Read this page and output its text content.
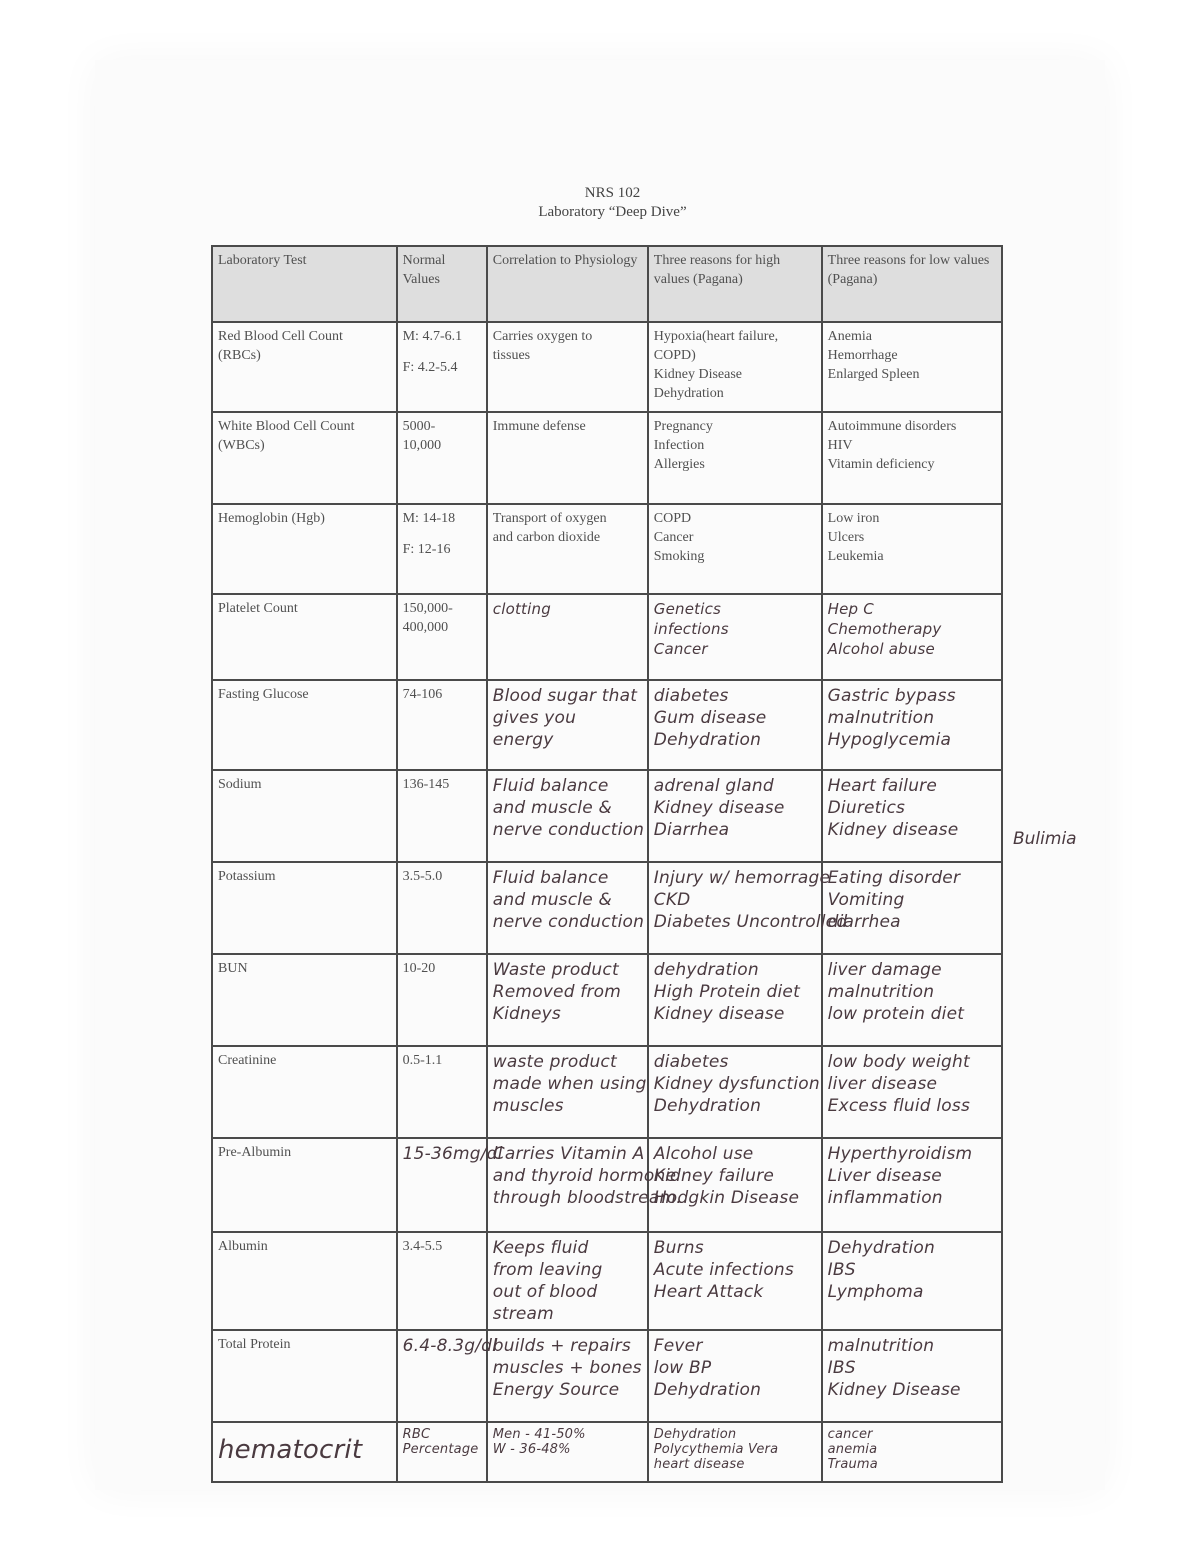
NRS 102
Laboratory “Deep Dive”
Laboratory Test	Normal Values	Correlation to Physiology	Three reasons for high values (Pagana)	Three reasons for low values (Pagana)

Red Blood Cell Count
(RBCs)	M: 4.7-6.1
F: 4.2-5.4	Carries oxygen to
tissues	Hypoxia(heart failure,
COPD)
Kidney Disease
Dehydration	Anemia
Hemorrhage
Enlarged Spleen

White Blood Cell Count
(WBCs)	5000-
10,000	Immune defense	Pregnancy
Infection
Allergies	Autoimmune disorders
HIV
Vitamin deficiency

Hemoglobin (Hgb)	M: 14-18
F: 12-16	Transport of oxygen
and carbon dioxide	COPD
Cancer
Smoking	Low iron
Ulcers
Leukemia

Platelet Count	150,000-
400,000	clotting	Genetics
infections
Cancer	Hep C
Chemotherapy
Alcohol abuse

Fasting Glucose	74-106	Blood sugar that
gives you
energy	diabetes
Gum disease
Dehydration	Gastric bypass
malnutrition
Hypoglycemia

Sodium	136-145	Fluid balance
and muscle &
nerve conduction	adrenal gland
Kidney disease
Diarrhea	Heart failure
Diuretics
Kidney disease

Potassium	3.5-5.0	Fluid balance
and muscle &
nerve conduction	Injury w/ hemorrage
CKD
Diabetes Uncontrolled	Eating disorder
Vomiting
diarrhea

BUN	10-20	Waste product
Removed from
Kidneys	dehydration
High Protein diet
Kidney disease	liver damage
malnutrition
low protein diet

Creatinine	0.5-1.1	waste product
made when using
muscles	diabetes
Kidney dysfunction
Dehydration	low body weight
liver disease
Excess fluid loss

Pre-Albumin	15-36mg/dl	Carries Vitamin A
and thyroid hormone
through bloodstream.	Alcohol use
Kidney failure
Hodgkin Disease	Hyperthyroidism
Liver disease
inflammation

Albumin	3.4-5.5	Keeps fluid
from leaving
out of blood
stream	Burns
Acute infections
Heart Attack	Dehydration
IBS
Lymphoma

Total Protein	6.4-8.3g/dl	builds + repairs
muscles + bones
Energy Source	Fever
low BP
Dehydration	malnutrition
IBS
Kidney Disease

hematocrit	RBC
Percentage	Men - 41-50%
W - 36-48%	Dehydration
Polycythemia Vera
heart disease	cancer
anemia
Trauma
Bulimia
